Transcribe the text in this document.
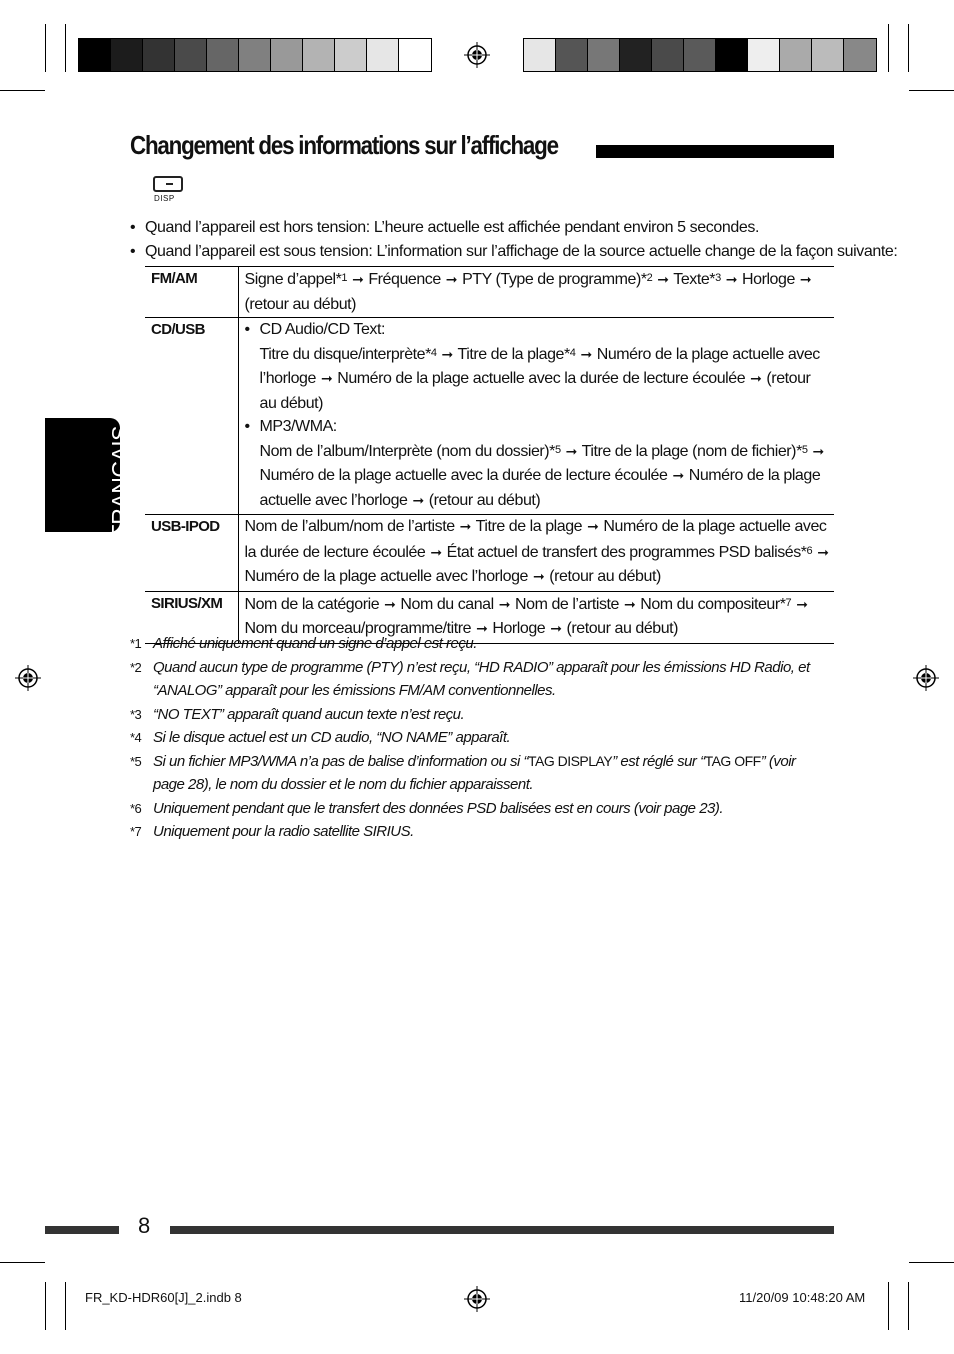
Changement des informations sur l’affichage
DISP
• Quand l’appareil est hors tension: L’heure actuelle est affichée pendant environ 5 secondes.
• Quand l’appareil est sous tension: L’information sur l’affichage de la source actuelle change de la façon suivante:
FM/AM	Signe d’appel*$^1$ ➞ Fréquence ➞ PTY (Type de programme)*$^2$ ➞ Texte*$^3$ ➞ Horloge ➞
(retour au début)
CD/USB	• CD Audio/CD Text:
Titre du disque/interprète*$^4$ ➞ Titre de la plage*$^4$ ➞ Numéro de la plage actuelle avec l’horloge ➞ Numéro de la plage actuelle avec la durée de lecture écoulée ➞ (retour au début)
• MP3/WMA:
Nom de l’album/Interprète (nom du dossier)*$^5$ ➞ Titre de la plage (nom de fichier)*$^5$ ➞ Numéro de la plage actuelle avec la durée de lecture écoulée ➞ Numéro de la plage actuelle avec l’horloge ➞ (retour au début)

USB-IPOD	Nom de l’album/nom de l’artiste ➞ Titre de la plage ➞ Numéro de la plage actuelle avec la durée de lecture écoulée ➞ État actuel de transfert des programmes PSD balisés*$^6$ ➞ Numéro de la plage actuelle avec l’horloge ➞ (retour au début)
SIRIUS/XM	Nom de la catégorie ➞ Nom du canal ➞ Nom de l’artiste ➞ Nom du compositeur*$^7$ ➞ Nom du morceau/programme/titre ➞ Horloge ➞ (retour au début)
*1 Affiché uniquement quand un signe d’appel est reçu.
*2 Quand aucun type de programme (PTY) n’est reçu, “HD RADIO” apparaît pour les émissions HD Radio, et “ANALOG” apparaît pour les émissions FM/AM conventionnelles.
*3 “NO TEXT” apparaît quand aucun texte n’est reçu.
*4 Si le disque actuel est un CD audio, “NO NAME” apparaît.
*5 Si un fichier MP3/WMA n’a pas de balise d’information ou si “TAG DISPLAY” est réglé sur “TAG OFF” (voir page 28), le nom du dossier et le nom du fichier apparaissent.
*6 Uniquement pendant que le transfert des données PSD balisées est en cours (voir page 23).
*7 Uniquement pour la radio satellite SIRIUS.
FRANÇAIS
8
FR_KD-HDR60[J]_2.indb 8	11/20/09 10:48:20 AM
